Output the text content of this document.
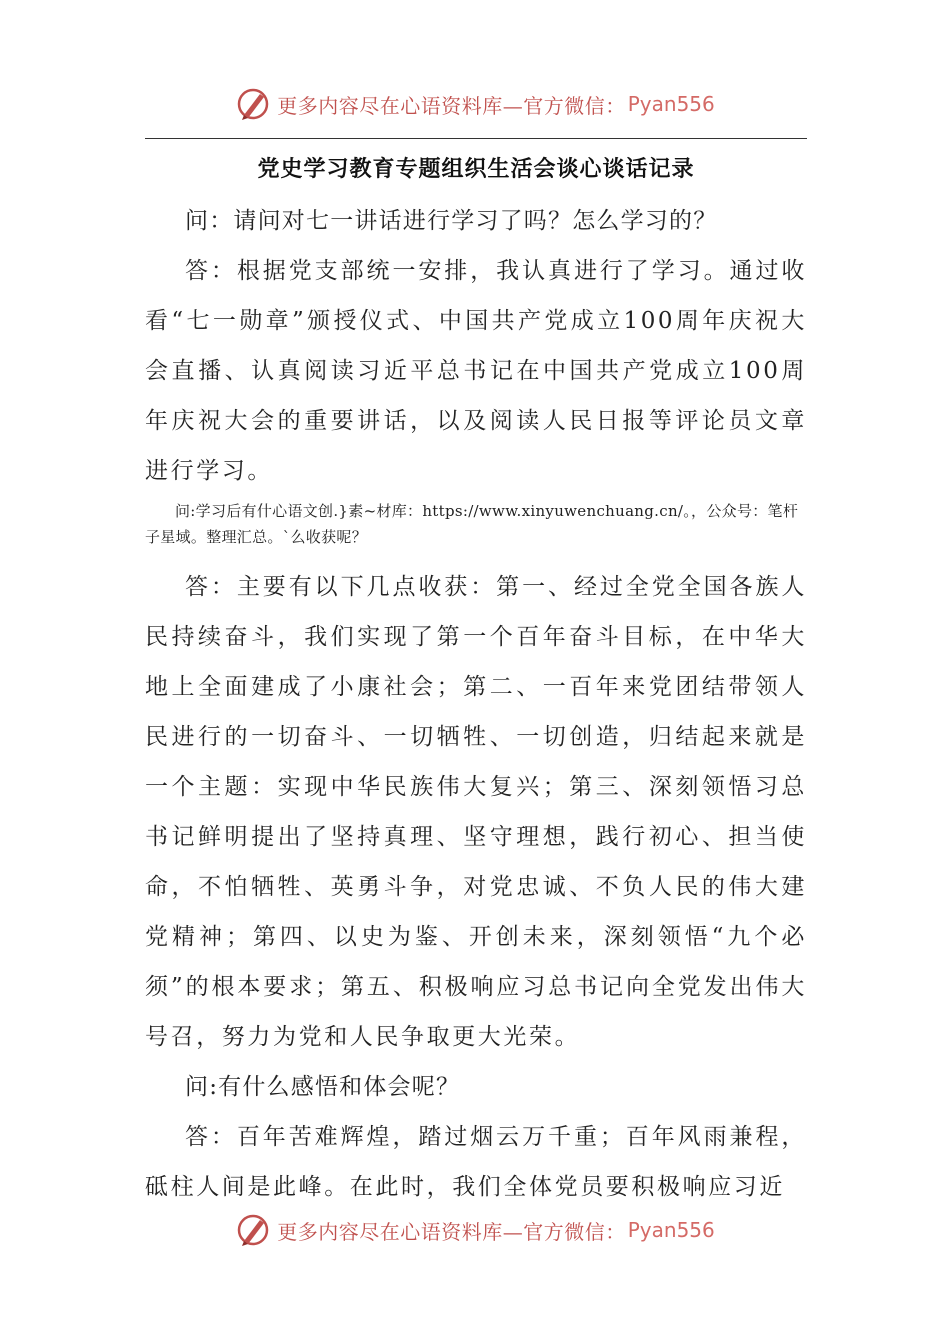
更多内容尽在心语资料库—官方微信： Pyan556
党史学习教育专题组织生活会谈心谈话记录

问：请问对七一讲话进行学习了吗？怎么学习的？

答：根据党支部统一安排，我认真进行了学习。通过收看“七一勋章”颁授仪式、中国共产党成立100周年庆祝大会直播、认真阅读习近平总书记在中国共产党成立100周年庆祝大会的重要讲话，以及阅读人民日报等评论员文章进行学习。

问:学习后有什心语文创.}素~材库：https://www.xinyuwenchuang.cn/。，公众号：笔杆子星域。整理汇总。`么收获呢？

答：主要有以下几点收获：第一、经过全党全国各族人民持续奋斗，我们实现了第一个百年奋斗目标，在中华大地上全面建成了小康社会；第二、一百年来党团结带领人民进行的一切奋斗、一切牺牲、一切创造，归结起来就是一个主题：实现中华民族伟大复兴；第三、深刻领悟习总书记鲜明提出了坚持真理、坚守理想，践行初心、担当使命，不怕牺牲、英勇斗争，对党忠诚、不负人民的伟大建党精神；第四、以史为鉴、开创未来，深刻领悟“九个必须”的根本要求；第五、积极响应习总书记向全党发出伟大号召，努力为党和人民争取更大光荣。

问:有什么感悟和体会呢？

答：百年苦难辉煌，踏过烟云万千重；百年风雨兼程，砥柱人间是此峰。在此时，我们全体党员要积极响应习近

更多内容尽在心语资料库—官方微信： Pyan556
